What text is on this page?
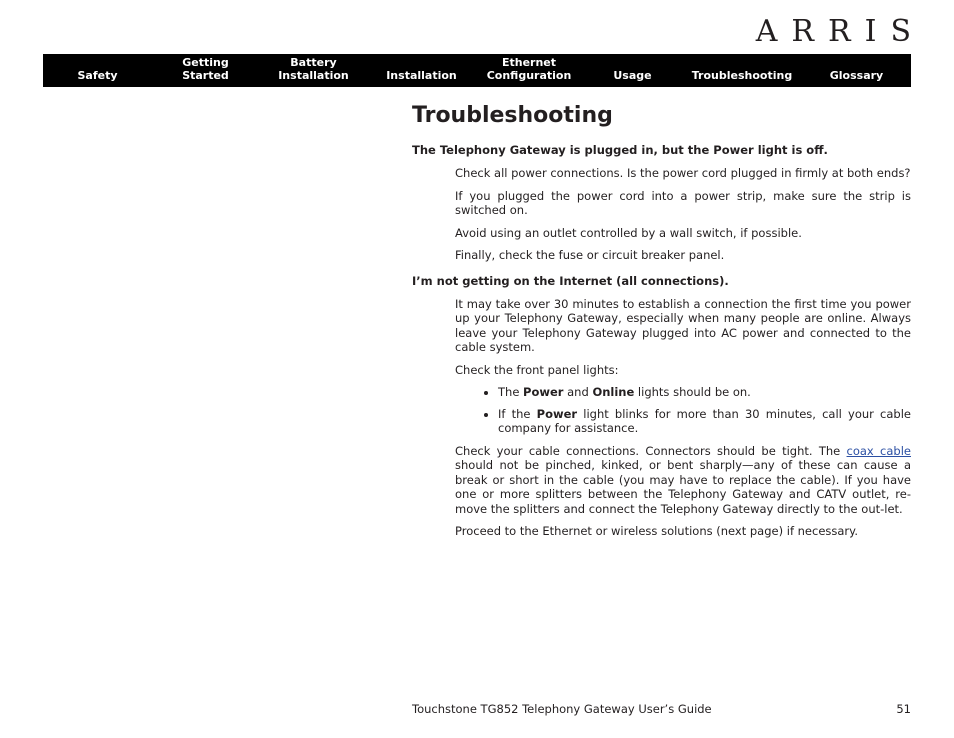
ARRIS
Safety
Getting
Started
Battery
Installation	Installation
Ethernet
Configuration	Usage	Troubleshooting	Glossary
Troubleshooting
The Telephony Gateway is plugged in, but the Power light is off.

Check all power connections. Is the power cord plugged in firmly at both ends?

If you plugged the power cord into a power strip, make sure the strip is switched on.

Avoid using an outlet controlled by a wall switch, if possible.

Finally, check the fuse or circuit breaker panel.

I’m not getting on the Internet (all connections).

It may take over 30 minutes to establish a connection the first time you power up your Telephony Gateway, especially when many people are online. Always leave your Telephony Gateway plugged into AC power and connected to the cable system.

Check the front panel lights:

• The Power and Online lights should be on.
• If the Power light blinks for more than 30 minutes, call your cable company for assistance.

Check your cable connections. Connectors should be tight. The coax cable should not be pinched, kinked, or bent sharply—any of these can cause a break or short in the cable (you may have to replace the cable). If you have one or more splitters between the Telephony Gateway and CATV outlet, re-move the splitters and connect the Telephony Gateway directly to the out-let.

Proceed to the Ethernet or wireless solutions (next page) if necessary.

Touchstone TG852 Telephony Gateway User’s Guide	51
